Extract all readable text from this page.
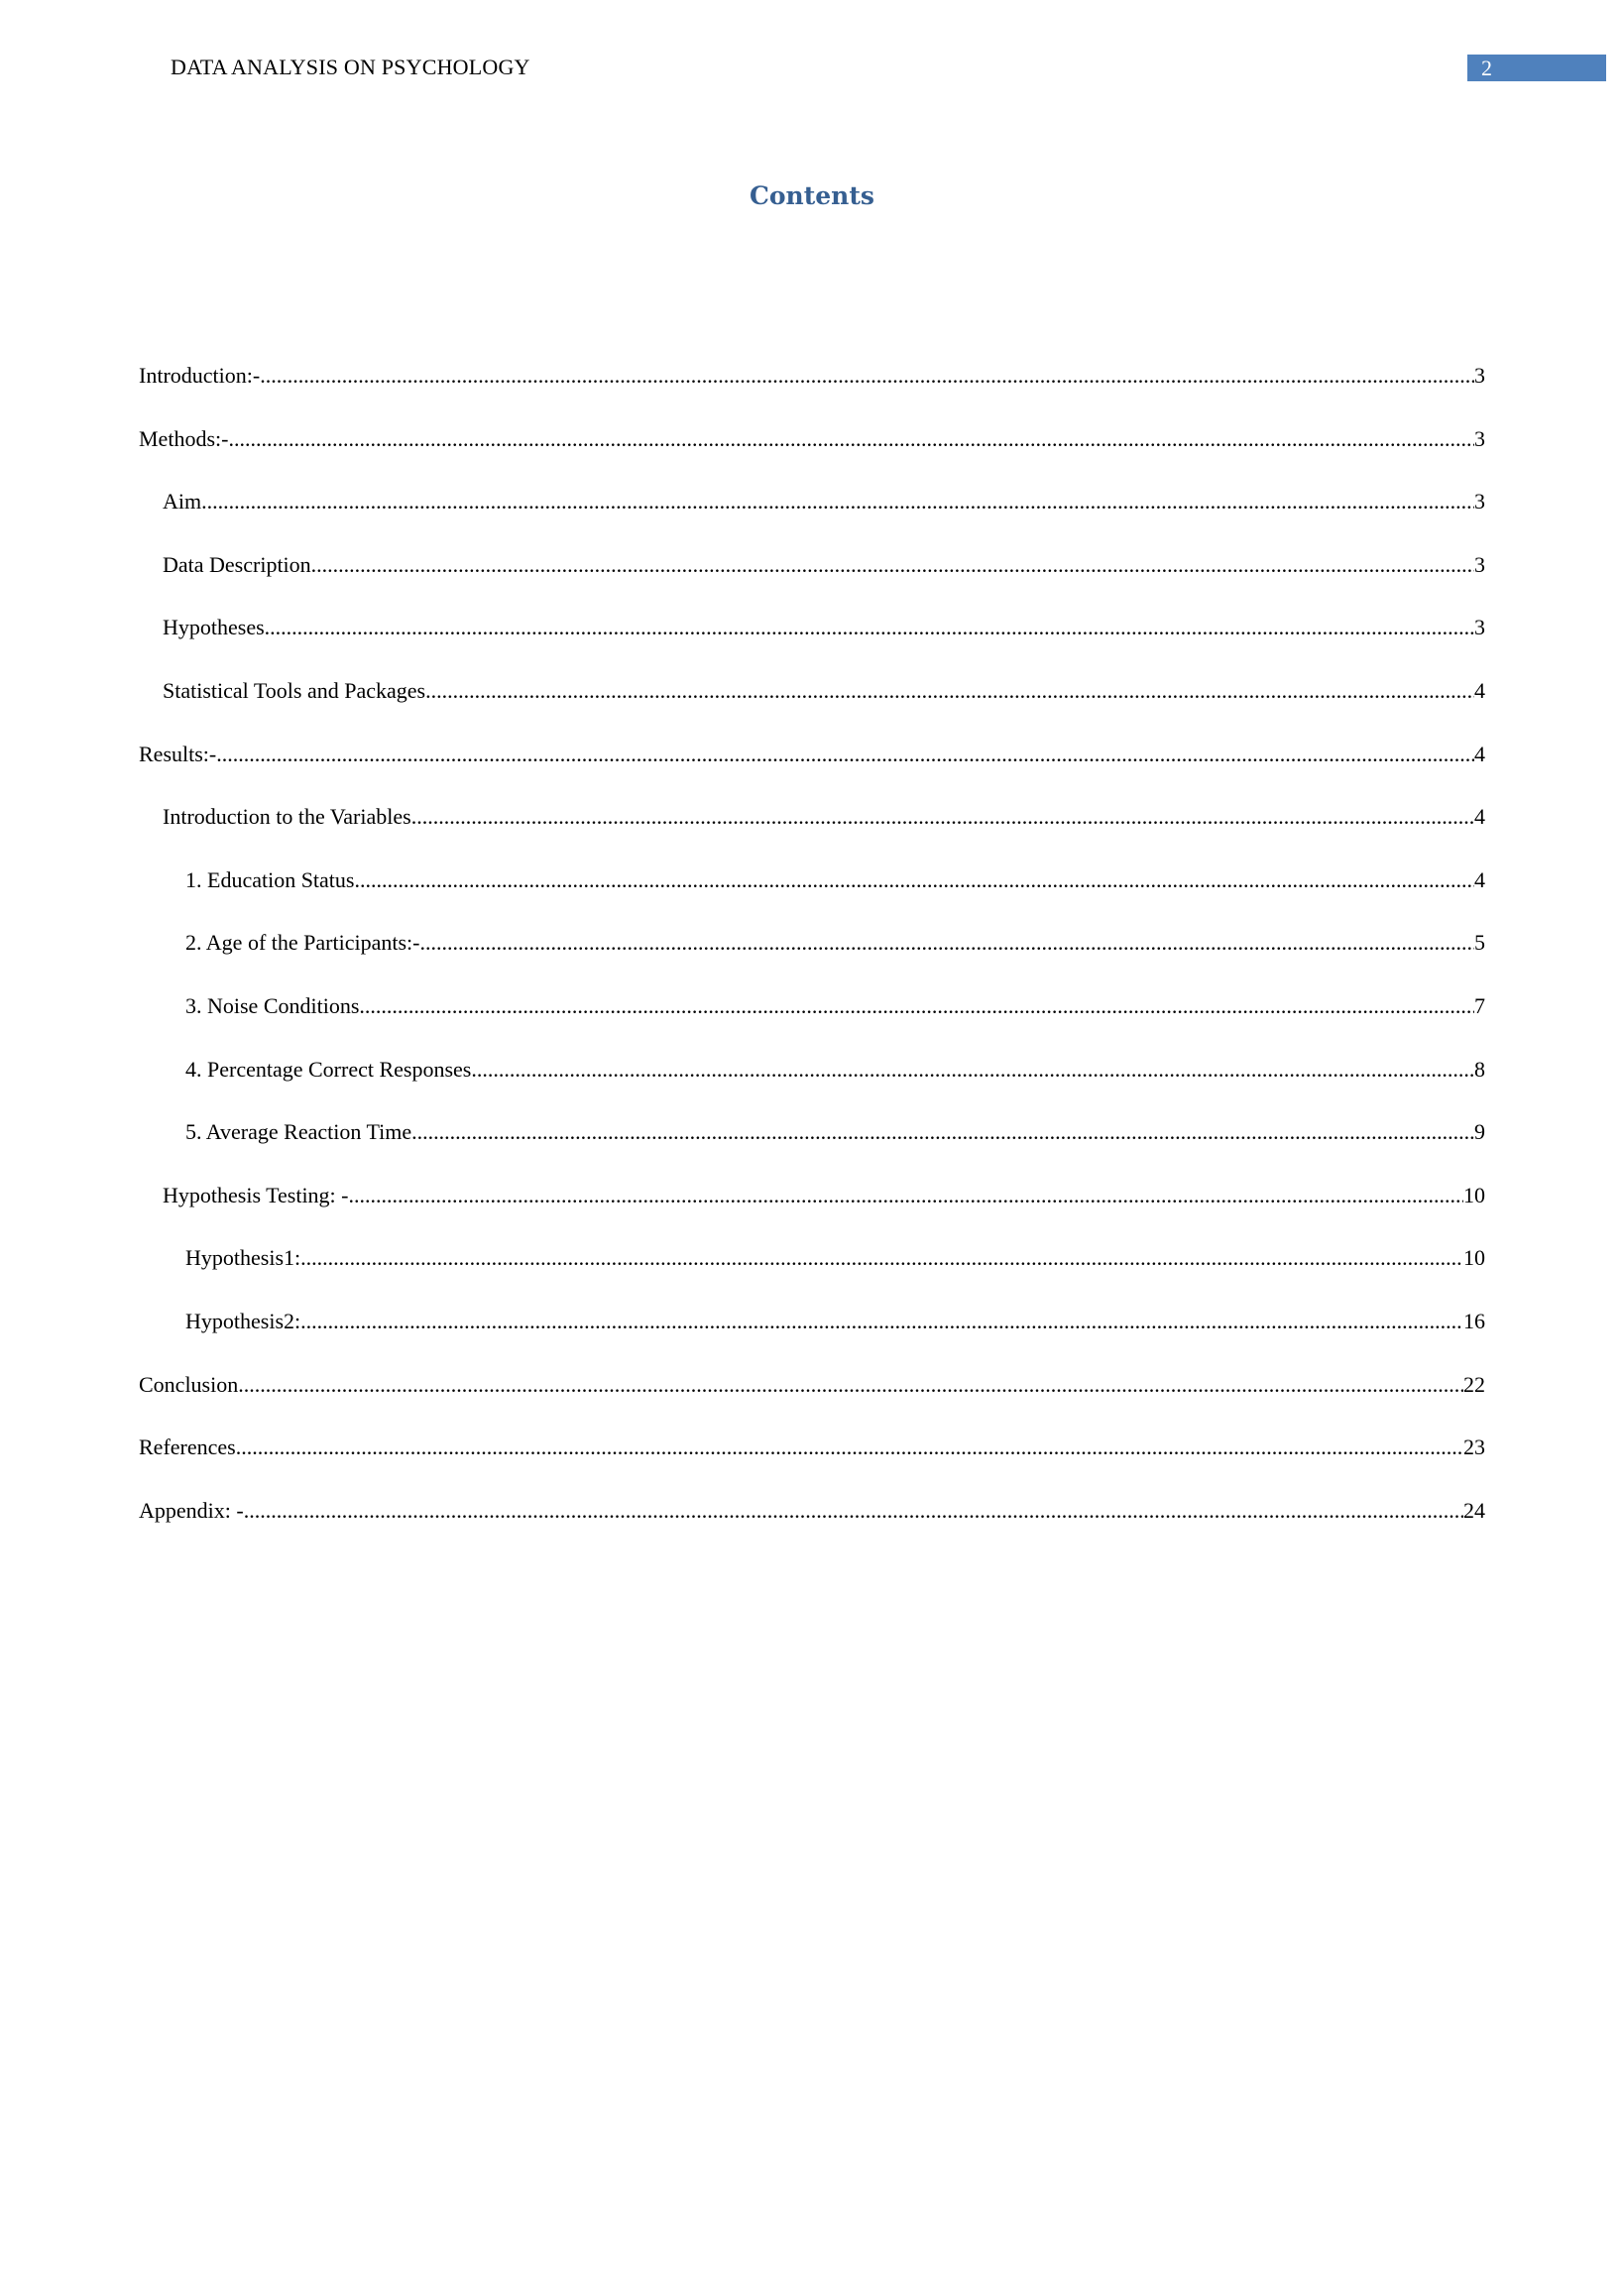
DATA ANALYSIS ON PSYCHOLOGY	2
Contents
Introduction:- .....	3
Methods:- .....	3
Aim .....	3
Data Description .....	3
Hypotheses .....	3
Statistical Tools and Packages .....	4
Results:- .....	4
Introduction to the Variables .....	4
1. Education Status .....	4
2. Age of the Participants:- .....	5
3. Noise Conditions .....	7
4. Percentage Correct Responses .....	8
5. Average Reaction Time .....	9
Hypothesis Testing: - .....	10
Hypothesis1: .....	10
Hypothesis2: .....	16
Conclusion .....	22
References .....	23
Appendix: - .....	24
